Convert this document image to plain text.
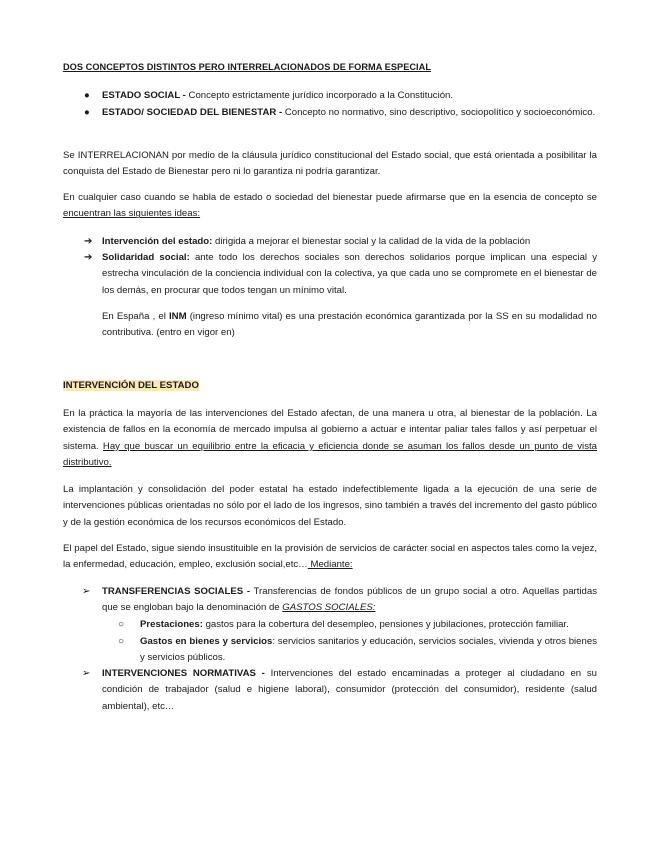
DOS CONCEPTOS DISTINTOS PERO INTERRELACIONADOS DE FORMA ESPECIAL

● ESTADO SOCIAL - Concepto estrictamente jurídico incorporado a la Constitución.

● ESTADO/ SOCIEDAD DEL BIENESTAR - Concepto no normativo, sino descriptivo, sociopolítico y socioeconómico.

Se INTERRELACIONAN por medio de la cláusula jurídico constitucional del Estado social, que está orientada a posibilitar la conquista del Estado de Bienestar pero ni lo garantiza ni podría garantizar.

En cualquier caso cuando se habla de estado o sociedad del bienestar puede afirmarse que en la esencia de concepto se encuentran las siguientes ideas:

➔ Intervención del estado: dirigida a mejorar el bienestar social y la calidad de la vida de la población

➔ Solidaridad social: ante todo los derechos sociales son derechos solidarios porque implican una especial y estrecha vinculación de la conciencia individual con la colectiva, ya que cada uno se compromete en el bienestar de los demás, en procurar que todos tengan un mínimo vital.

En España , el INM (ingreso mínimo vital) es una prestación económica garantizada por la SS en su modalidad no contributiva. (entro en vigor en)

INTERVENCIÓN DEL ESTADO

En la práctica la mayoría de las intervenciones del Estado afectan, de una manera u otra, al bienestar de la población. La existencia de fallos en la economía de mercado impulsa al gobierno a actuar e intentar paliar tales fallos y así perpetuar el sistema. Hay que buscar un equilibrio entre la eficacia y eficiencia donde se asuman los fallos desde un punto de vista distributivo.

La implantación y consolidación del poder estatal ha estado indefectiblemente ligada a la ejecución de una serie de intervenciones públicas orientadas no sólo por el lado de los ingresos, sino también a través del incremento del gasto público y de la gestión económica de los recursos económicos del Estado.

El papel del Estado, sigue siendo insustituible en la provisión de servicios de carácter social en aspectos tales como la vejez, la enfermedad, educación, empleo, exclusión social,etc… Mediante:

➢ TRANSFERENCIAS SOCIALES - Transferencias de fondos públicos de un grupo social a otro. Aquellas partidas que se engloban bajo la denominación de GASTOS SOCIALES:

○ Prestaciones: gastos para la cobertura del desempleo, pensiones y jubilaciones, protección familiar.

○ Gastos en bienes y servicios: servicios sanitarios y educación, servicios sociales, vivienda y otros bienes y servicios públicos.

➢ INTERVENCIONES NORMATIVAS - Intervenciones del estado encaminadas a proteger al ciudadano en su condición de trabajador (salud e higiene laboral), consumidor (protección del consumidor), residente (salud ambiental), etc…
